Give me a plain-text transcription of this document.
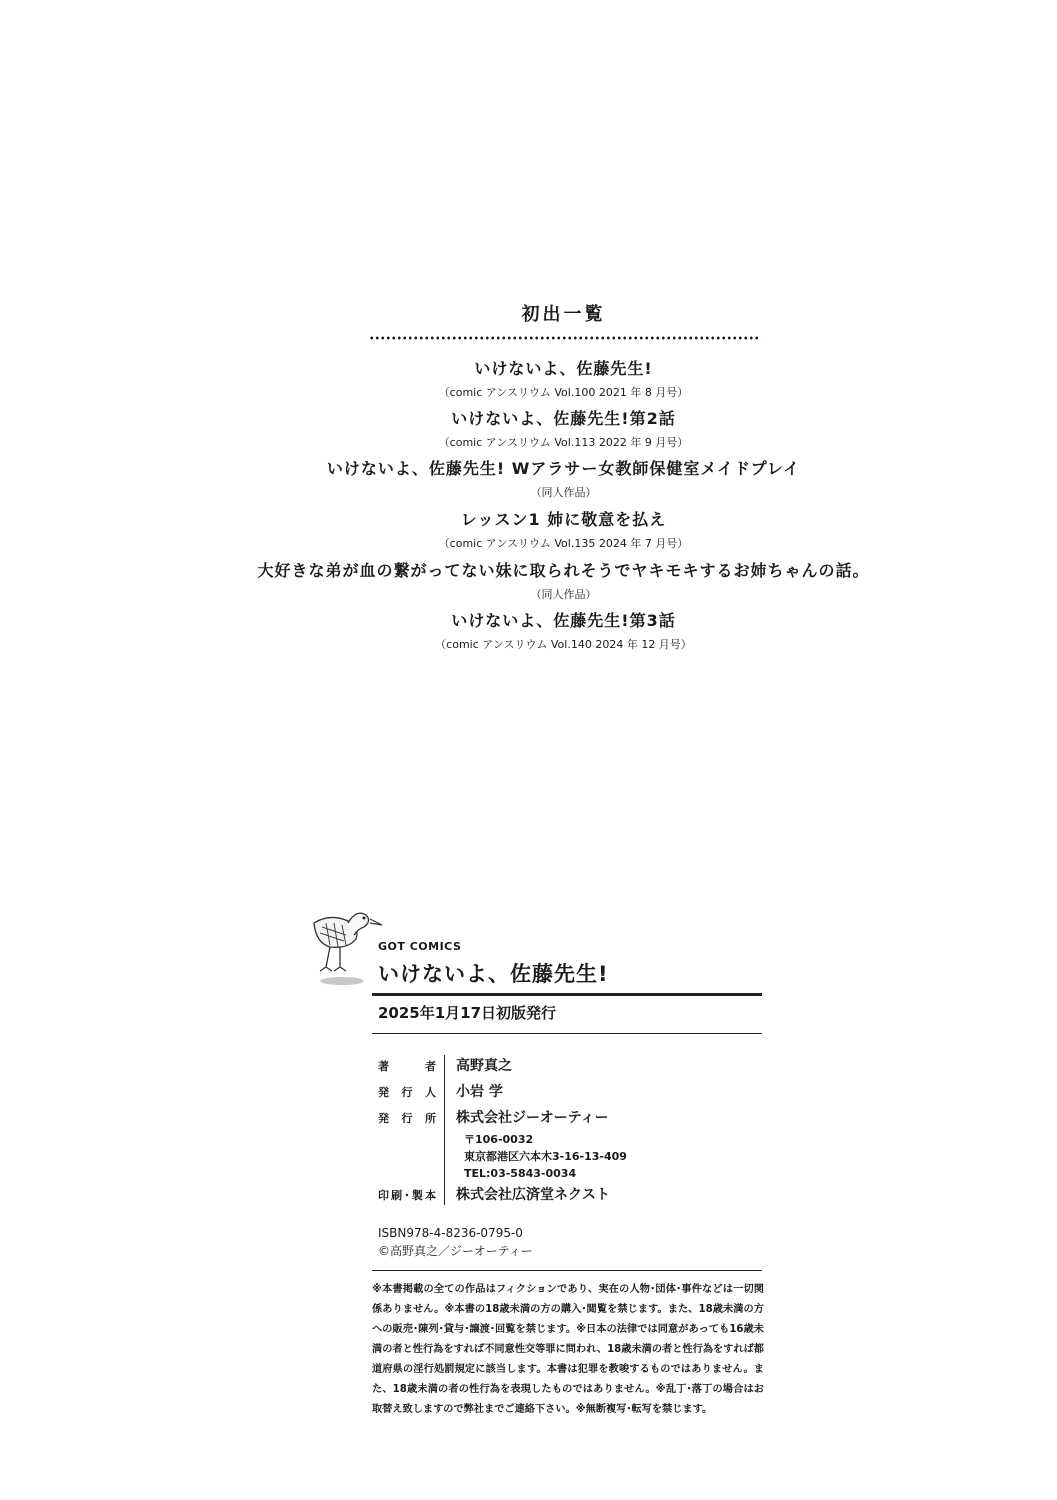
初出一覧
いけないよ、佐藤先生!
（comic アンスリウム Vol.100 2021 年 8 月号）
いけないよ、佐藤先生!第2話
（comic アンスリウム Vol.113 2022 年 9 月号）
いけないよ、佐藤先生! Wアラサー女教師保健室メイドプレイ
（同人作品）
レッスン1 姉に敬意を払え
（comic アンスリウム Vol.135 2024 年 7 月号）
大好きな弟が血の繋がってない妹に取られそうでヤキモキするお姉ちゃんの話。
（同人作品）
いけないよ、佐藤先生!第3話
（comic アンスリウム Vol.140 2024 年 12 月号）
GOT COMICS
いけないよ、佐藤先生!
2025年1月17日初版発行
著　者 高野真之
発行人 小岩 学
発行所 株式会社ジーオーティー
〒106-0032
東京都港区六本木3-16-13-409
TEL:03-5843-0034
印刷･製本 株式会社広済堂ネクスト
ISBN978-4-8236-0795-0
©高野真之／ジーオーティー
※本書掲載の全ての作品はフィクションであり、実在の人物･団体･事件などは一切関係ありません。※本書の18歳未満の方の購入･閲覧を禁じます。また、18歳未満の方への販売･陳列･貸与･譲渡･回覧を禁じます。※日本の法律では同意があっても16歳未満の者と性行為をすれば不同意性交等罪に問われ、18歳未満の者と性行為をすれば都道府県の淫行処罰規定に該当します。本書は犯罪を教唆するものではありません。また、18歳未満の者の性行為を表現したものではありません。※乱丁･落丁の場合はお取替え致しますので弊社までご連絡下さい。※無断複写･転写を禁じます。
